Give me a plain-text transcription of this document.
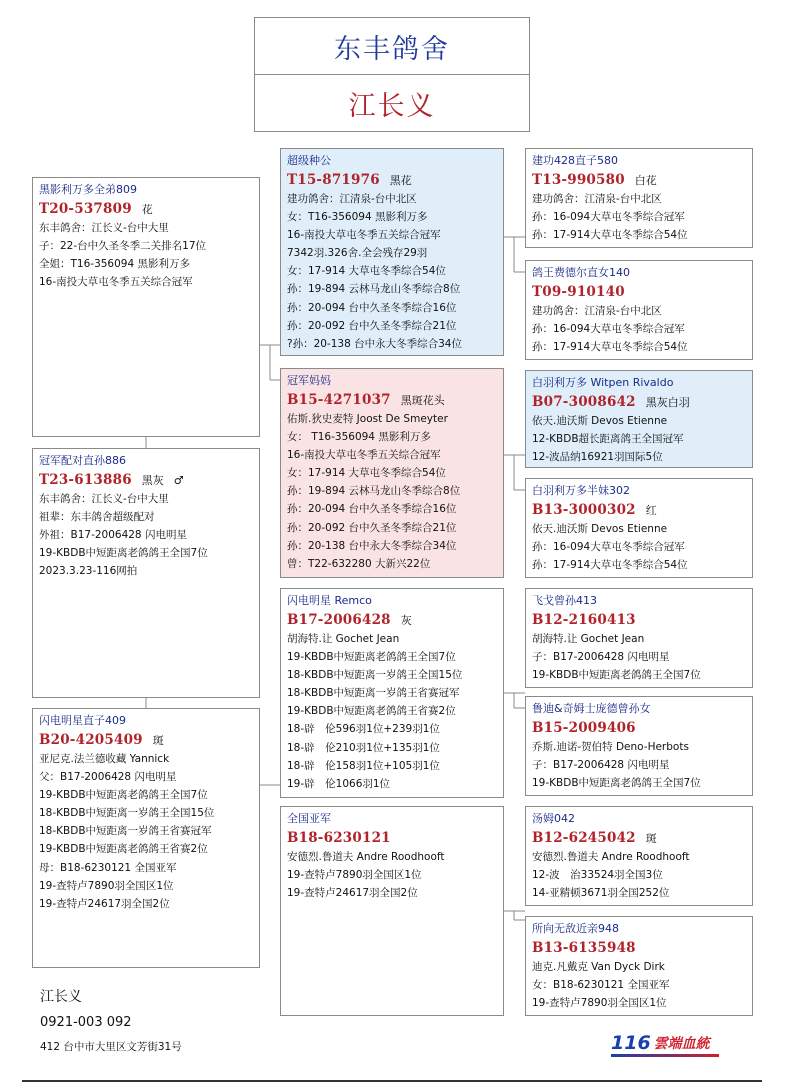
东丰鸽舍
江长义
黑影利万多全弟809
T20-537809 花
东丰鸽舍：江长义-台中大里
子：22-台中久圣冬季二关排名17位
全姐：T16-356094 黑影利万多
16-南投大草屯冬季五关综合冠军
冠军配对直孙886
T23-613886 黑灰 ♂
东丰鸽舍：江长义-台中大里
祖辈：东丰鸽舍超级配对
外祖：B17-2006428 闪电明星
19-KBDB中短距离老鸽鸽王全国7位
2023.3.23-116网拍
闪电明星直子409
B20-4205409 斑
亚尼克.法兰德收藏 Yannick
父：B17-2006428 闪电明星
19-KBDB中短距离老鸽鸽王全国7位
18-KBDB中短距离一岁鸽王全国15位
18-KBDB中短距离一岁鸽王省赛冠军
19-KBDB中短距离老鸽鸽王省赛2位
母：B18-6230121 全国亚军
19-查特卢7890羽全国区1位
19-查特卢24617羽全国2位
超级种公
T15-871976 黑花
建功鸽舍：江清泉-台中北区
女：T16-356094 黑影利万多
16-南投大草屯冬季五关综合冠军
7342羽.326舍.全会残存29羽
女：17-914 大草屯冬季综合54位
孙：19-894 云林马龙山冬季综合8位
孙：20-094 台中久圣冬季综合16位
孙：20-092 台中久圣冬季综合21位
?孙：20-138 台中永大冬季综合34位
冠军妈妈
B15-4271037 黑斑花头
佑斯.狄史麦特 Joost De Smeyter
女： T16-356094 黑影利万多
16-南投大草屯冬季五关综合冠军
女：17-914 大草屯冬季综合54位
孙：19-894 云林马龙山冬季综合8位
孙：20-094 台中久圣冬季综合16位
孙：20-092 台中久圣冬季综合21位
孙：20-138 台中永大冬季综合34位
曾：T22-632280 大新兴22位
闪电明星 Remco
B17-2006428 灰
胡海特.让 Gochet Jean
19-KBDB中短距离老鸽鸽王全国7位
18-KBDB中短距离一岁鸽王全国15位
18-KBDB中短距离一岁鸽王省赛冠军
19-KBDB中短距离老鸽鸽王省赛2位
18-辟　伦596羽1位+239羽1位
18-辟　伦210羽1位+135羽1位
18-辟　伦158羽1位+105羽1位
19-辟　伦1066羽1位
全国亚军
B18-6230121
安德烈.鲁道夫 Andre Roodhooft
19-查特卢7890羽全国区1位
19-查特卢24617羽全国2位
建功428直子580
T13-990580 白花
建功鸽舍：江清泉-台中北区
孙：16-094大草屯冬季综合冠军
孙：17-914大草屯冬季综合54位
鸽王费德尔直女140
T09-910140
建功鸽舍：江清泉-台中北区
孙：16-094大草屯冬季综合冠军
孙：17-914大草屯冬季综合54位
白羽利万多 Witpen Rivaldo
B07-3008642 黑灰白羽
依天.迪沃斯 Devos Etienne
12-KBDB超长距离鸽王全国冠军
12-波品纳16921羽国际5位
白羽利万多半妹302
B13-3000302 红
依天.迪沃斯 Devos Etienne
孙：16-094大草屯冬季综合冠军
孙：17-914大草屯冬季综合54位
飞戈曾孙413
B12-2160413
胡海特.让 Gochet Jean
子：B17-2006428 闪电明星
19-KBDB中短距离老鸽鸽王全国7位
鲁迪&奇姆士庞德曾孙女
B15-2009406
乔斯.迪诺-贺伯特 Deno-Herbots
子：B17-2006428 闪电明星
19-KBDB中短距离老鸽鸽王全国7位
汤姆042
B12-6245042 斑
安德烈.鲁道夫 Andre Roodhooft
12-波　治33524羽全国3位
14-亚精顿3671羽全国252位
所向无敌近亲948
B13-6135948
迪克.凡戴克 Van Dyck Dirk
女：B18-6230121 全国亚军
19-查特卢7890羽全国区1位
江长义
0921-003 092
412 台中市大里区文芳街31号	116 雲端血統
